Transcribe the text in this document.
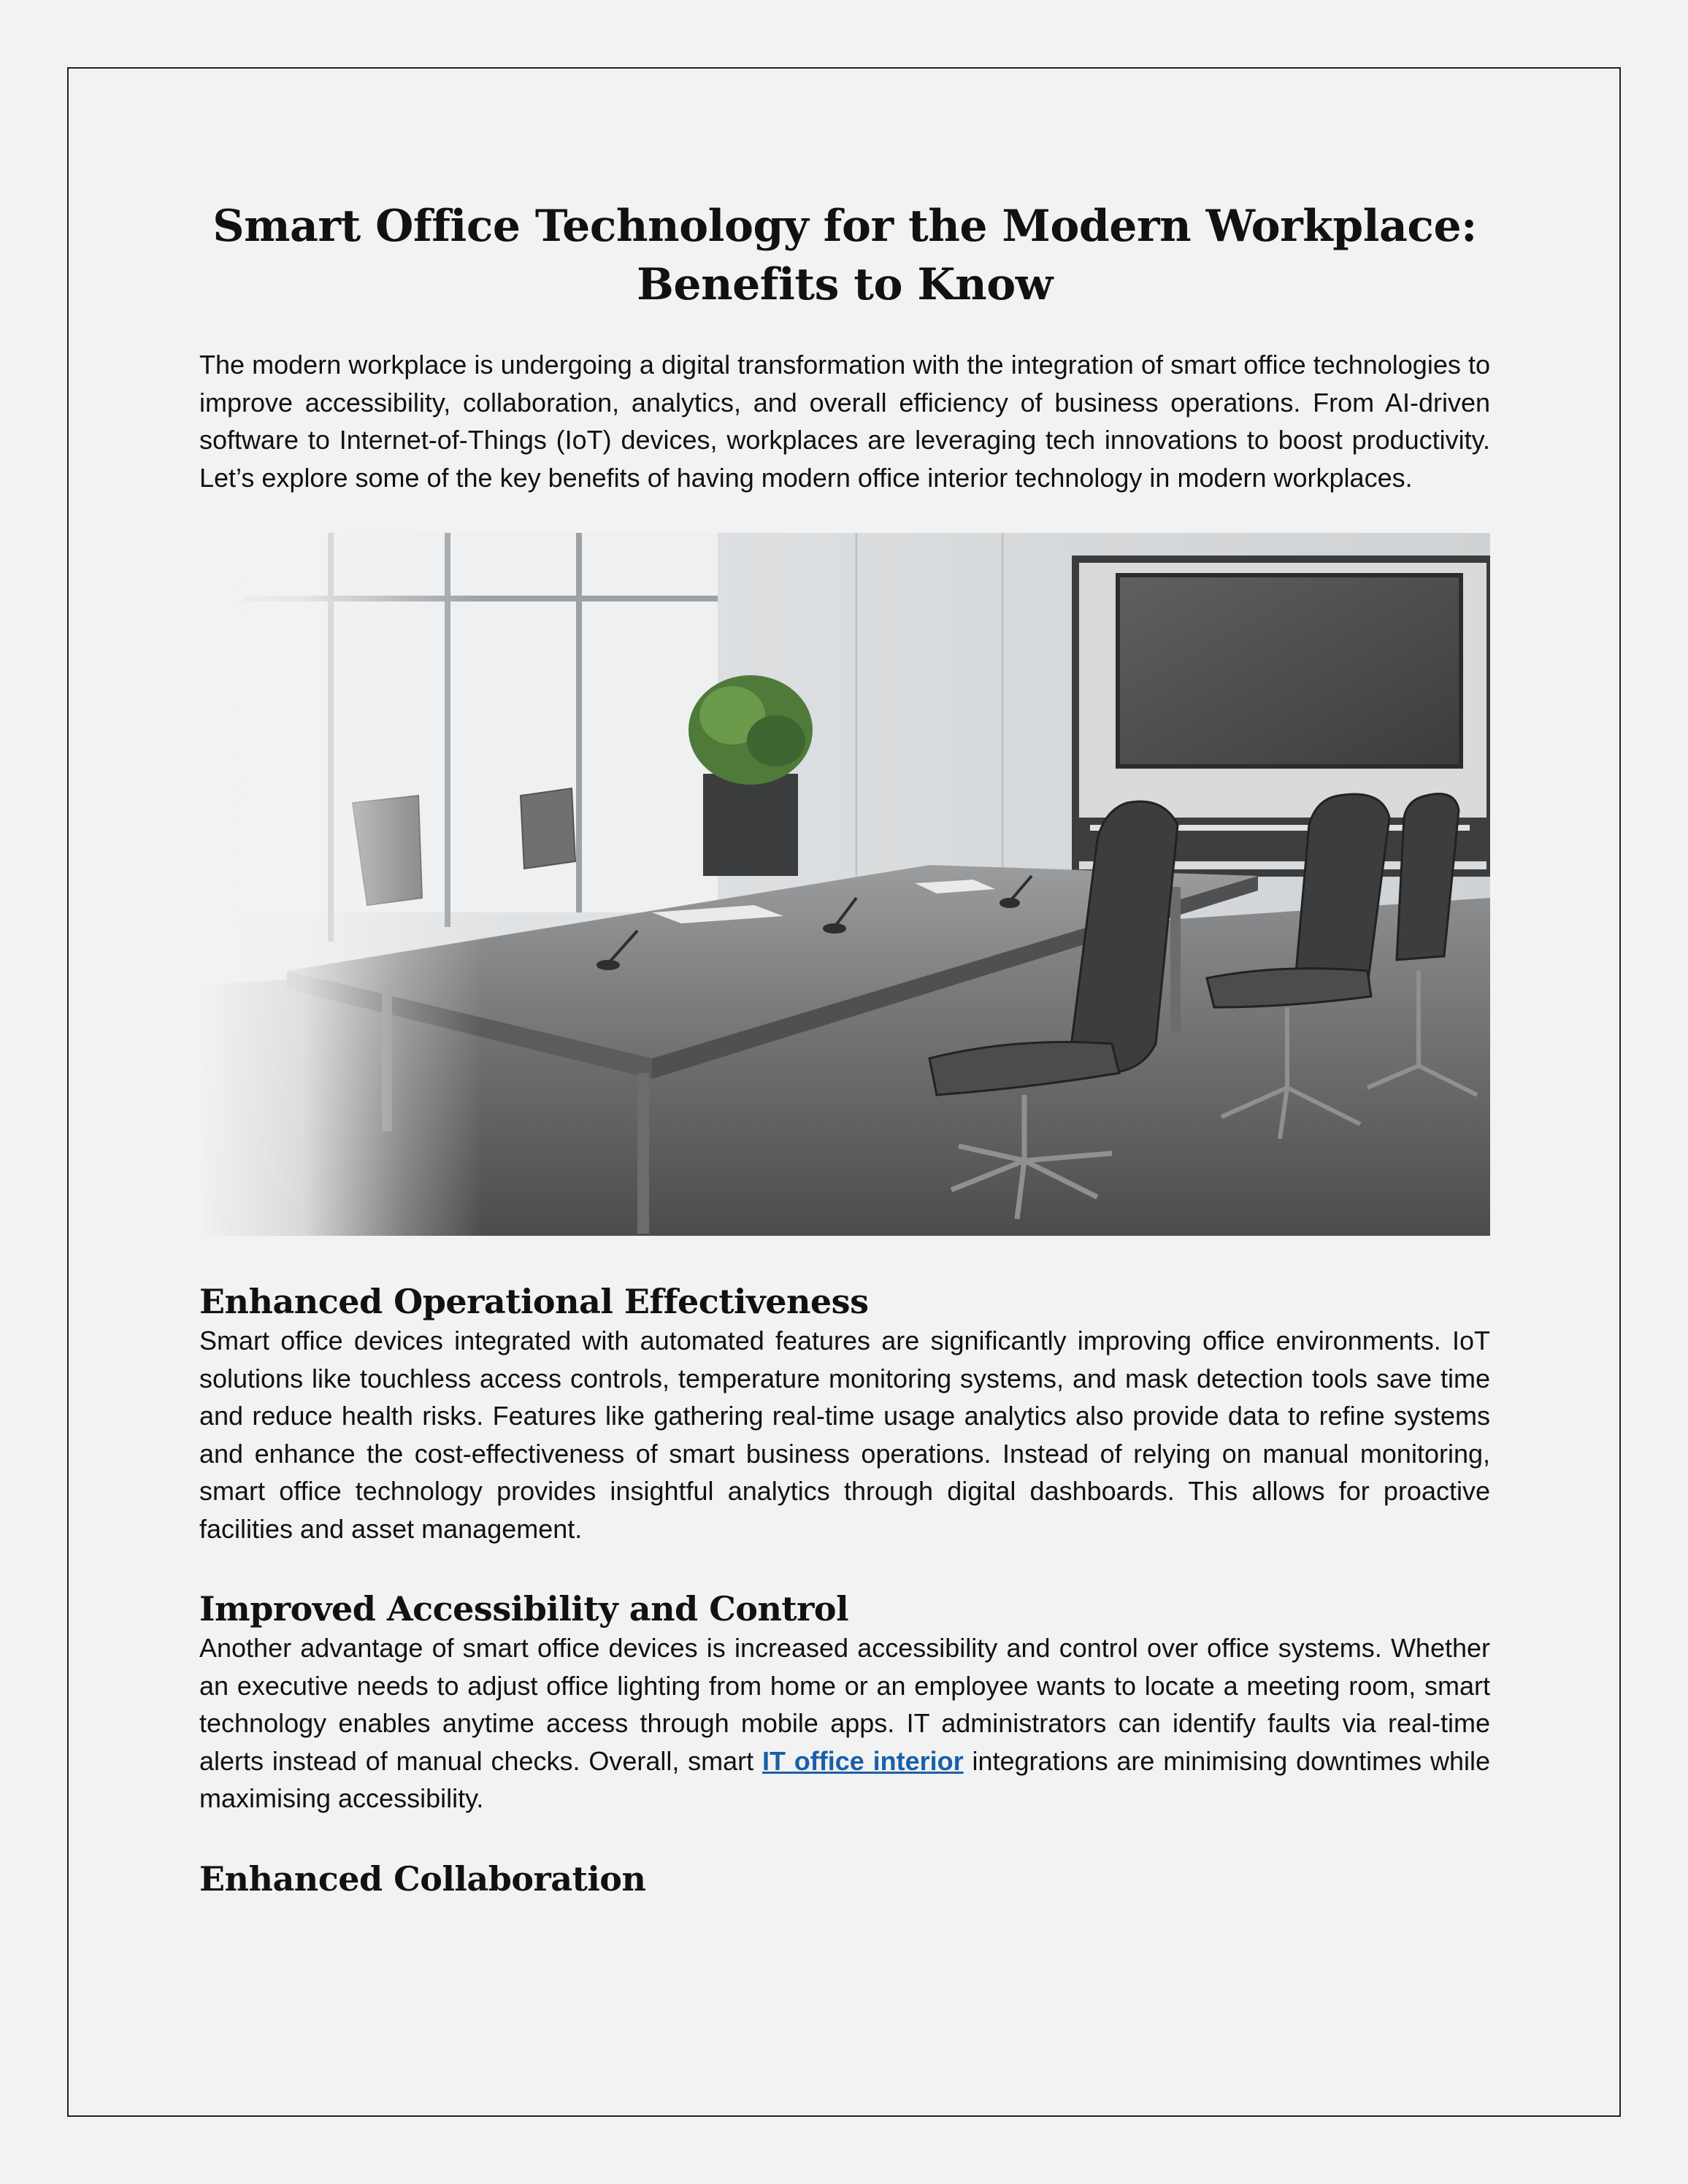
Smart Office Technology for the Modern Workplace:
Benefits to Know

The modern workplace is undergoing a digital transformation with the integration of smart office technologies to improve accessibility, collaboration, analytics, and overall efficiency of business operations. From AI-driven software to Internet-of-Things (IoT) devices, workplaces are leveraging tech innovations to boost productivity. Let’s explore some of the key benefits of having modern office interior technology in modern workplaces.

Enhanced Operational Effectiveness

Smart office devices integrated with automated features are significantly improving office environments. IoT solutions like touchless access controls, temperature monitoring systems, and mask detection tools save time and reduce health risks. Features like gathering real-time usage analytics also provide data to refine systems and enhance the cost-effectiveness of smart business operations. Instead of relying on manual monitoring, smart office technology provides insightful analytics through digital dashboards. This allows for proactive facilities and asset management.

Improved Accessibility and Control

Another advantage of smart office devices is increased accessibility and control over office systems. Whether an executive needs to adjust office lighting from home or an employee wants to locate a meeting room, smart technology enables anytime access through mobile apps. IT administrators can identify faults via real-time alerts instead of manual checks. Overall, smart IT office interior integrations are minimising downtimes while maximising accessibility.

Enhanced Collaboration
